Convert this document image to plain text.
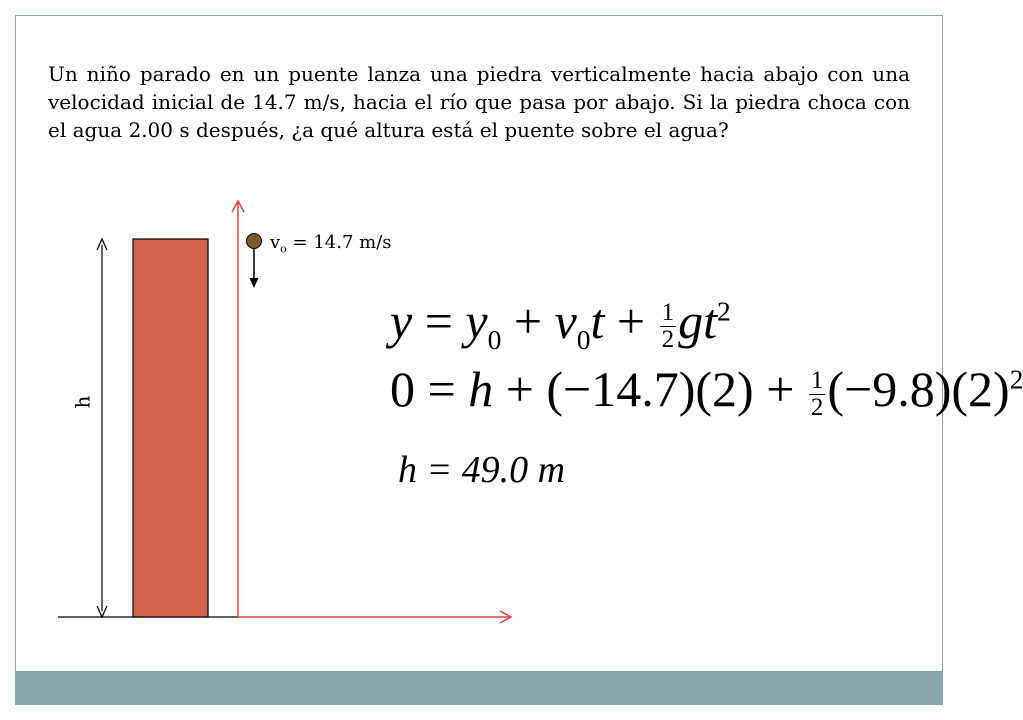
Un niño parado en un puente lanza una piedra verticalmente hacia abajo con una velocidad inicial de 14.7 m/s, hacia el río que pasa por abajo. Si la piedra choca con el agua 2.00 s después, ¿a qué altura está el puente sobre el agua?

$v_o = 14.7$ m/s
h
$y = y_0 + v_0t + \frac{1}{2} gt^2$
$0 = h + (-14.7)(2) + \frac{1}{2} (-9.8)(2)^2$
h = 49.0 m
